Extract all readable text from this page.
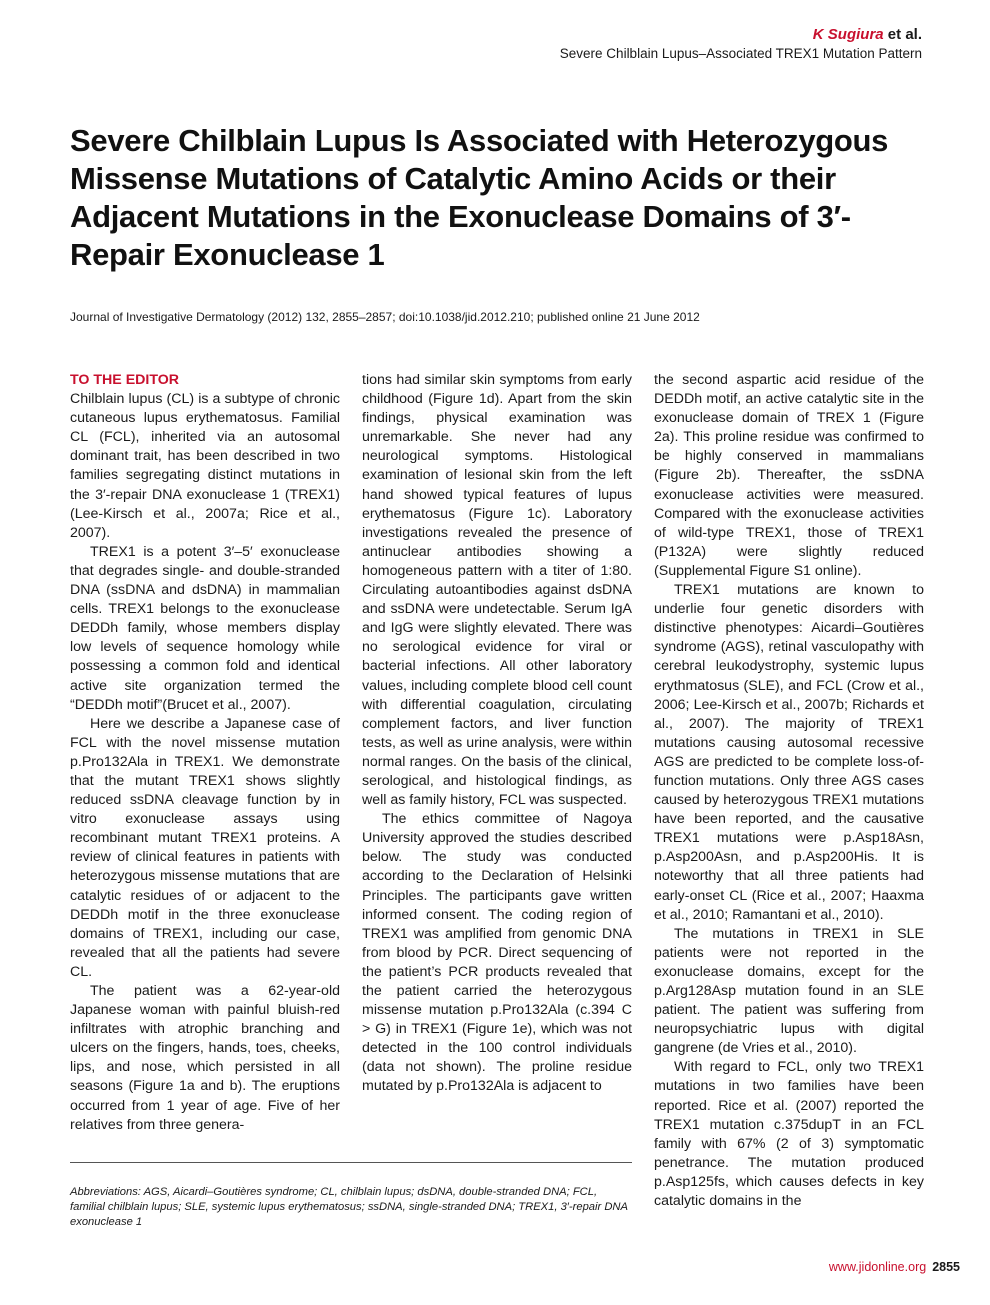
K Sugiura et al.
Severe Chilblain Lupus–Associated TREX1 Mutation Pattern
Severe Chilblain Lupus Is Associated with Heterozygous Missense Mutations of Catalytic Amino Acids or their Adjacent Mutations in the Exonuclease Domains of 3′-Repair Exonuclease 1
Journal of Investigative Dermatology (2012) 132, 2855–2857; doi:10.1038/jid.2012.210; published online 21 June 2012
TO THE EDITOR

Chilblain lupus (CL) is a subtype of chronic cutaneous lupus erythematosus. Familial CL (FCL), inherited via an autosomal dominant trait, has been described in two families segregating distinct mutations in the 3′-repair DNA exonuclease 1 (TREX1) (Lee-Kirsch et al., 2007a; Rice et al., 2007).

TREX1 is a potent 3′–5′ exonuclease that degrades single- and double-stranded DNA (ssDNA and dsDNA) in mammalian cells. TREX1 belongs to the exonuclease DEDDh family, whose members display low levels of sequence homology while possessing a common fold and identical active site organization termed the “DEDDh motif”(Brucet et al., 2007).

Here we describe a Japanese case of FCL with the novel missense mutation p.Pro132Ala in TREX1. We demonstrate that the mutant TREX1 shows slightly reduced ssDNA cleavage function by in vitro exonuclease assays using recombinant mutant TREX1 proteins. A review of clinical features in patients with heterozygous missense mutations that are catalytic residues of or adjacent to the DEDDh motif in the three exonuclease domains of TREX1, including our case, revealed that all the patients had severe CL.

The patient was a 62-year-old Japanese woman with painful bluish-red infiltrates with atrophic branching and ulcers on the fingers, hands, toes, cheeks, lips, and nose, which persisted in all seasons (Figure 1a and b). The eruptions occurred from 1 year of age. Five of her relatives from three genera-

tions had similar skin symptoms from early childhood (Figure 1d). Apart from the skin findings, physical examination was unremarkable. She never had any neurological symptoms. Histological examination of lesional skin from the left hand showed typical features of lupus erythematosus (Figure 1c). Laboratory investigations revealed the presence of antinuclear antibodies showing a homogeneous pattern with a titer of 1:80. Circulating autoantibodies against dsDNA and ssDNA were undetectable. Serum IgA and IgG were slightly elevated. There was no serological evidence for viral or bacterial infections. All other laboratory values, including complete blood cell count with differential coagulation, circulating complement factors, and liver function tests, as well as urine analysis, were within normal ranges. On the basis of the clinical, serological, and histological findings, as well as family history, FCL was suspected.

The ethics committee of Nagoya University approved the studies described below. The study was conducted according to the Declaration of Helsinki Principles. The participants gave written informed consent. The coding region of TREX1 was amplified from genomic DNA from blood by PCR. Direct sequencing of the patient’s PCR products revealed that the patient carried the heterozygous missense mutation p.Pro132Ala (c.394 C > G) in TREX1 (Figure 1e), which was not detected in the 100 control individuals (data not shown). The proline residue mutated by p.Pro132Ala is adjacent to

the second aspartic acid residue of the DEDDh motif, an active catalytic site in the exonuclease domain of TREX 1 (Figure 2a). This proline residue was confirmed to be highly conserved in mammalians (Figure 2b). Thereafter, the ssDNA exonuclease activities were measured. Compared with the exonuclease activities of wild-type TREX1, those of TREX1 (P132A) were slightly reduced (Supplemental Figure S1 online).

TREX1 mutations are known to underlie four genetic disorders with distinctive phenotypes: Aicardi–Goutières syndrome (AGS), retinal vasculopathy with cerebral leukodystrophy, systemic lupus erythmatosus (SLE), and FCL (Crow et al., 2006; Lee-Kirsch et al., 2007b; Richards et al., 2007). The majority of TREX1 mutations causing autosomal recessive AGS are predicted to be complete loss-of-function mutations. Only three AGS cases caused by heterozygous TREX1 mutations have been reported, and the causative TREX1 mutations were p.Asp18Asn, p.Asp200Asn, and p.Asp200His. It is noteworthy that all three patients had early-onset CL (Rice et al., 2007; Haaxma et al., 2010; Ramantani et al., 2010).

The mutations in TREX1 in SLE patients were not reported in the exonuclease domains, except for the p.Arg128Asp mutation found in an SLE patient. The patient was suffering from neuropsychiatric lupus with digital gangrene (de Vries et al., 2010).

With regard to FCL, only two TREX1 mutations in two families have been reported. Rice et al. (2007) reported the TREX1 mutation c.375dupT in an FCL family with 67% (2 of 3) symptomatic penetrance. The mutation produced p.Asp125fs, which causes defects in key catalytic domains in the

Abbreviations: AGS, Aicardi–Goutières syndrome; CL, chilblain lupus; dsDNA, double-stranded DNA; FCL, familial chilblain lupus; SLE, systemic lupus erythematosus; ssDNA, single-stranded DNA; TREX1, 3′-repair DNA exonuclease 1
www.jidonline.org 2855
